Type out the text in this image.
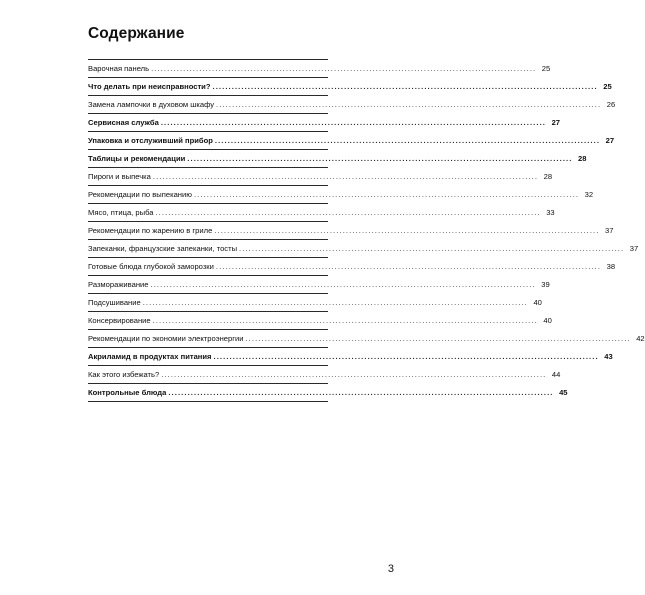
Содержание
Варочная панель ........................................................................................................................ 25
Что делать при неисправности? ........................................................................................................................ 25
Замена лампочки в духовом шкафу ........................................................................................................................ 26
Сервисная служба ........................................................................................................................ 27
Упаковка и отслуживший прибор ........................................................................................................................ 27
Таблицы и рекомендации ........................................................................................................................ 28
Пироги и выпечка ........................................................................................................................ 28
Рекомендации по выпеканию ........................................................................................................................ 32
Мясо, птица, рыба ........................................................................................................................ 33
Рекомендации по жарению в гриле ........................................................................................................................ 37
Запеканки, французские запеканки, тосты ........................................................................................................................ 37
Готовые блюда глубокой заморозки ........................................................................................................................ 38
Размораживание ........................................................................................................................ 39
Подсушивание ........................................................................................................................ 40
Консервирование ........................................................................................................................ 40
Рекомендации по экономии электроэнергии ........................................................................................................................ 42
Акриламид в продуктах питания ........................................................................................................................ 43
Как этого избежать? ........................................................................................................................ 44
Контрольные блюда ........................................................................................................................ 45
3
